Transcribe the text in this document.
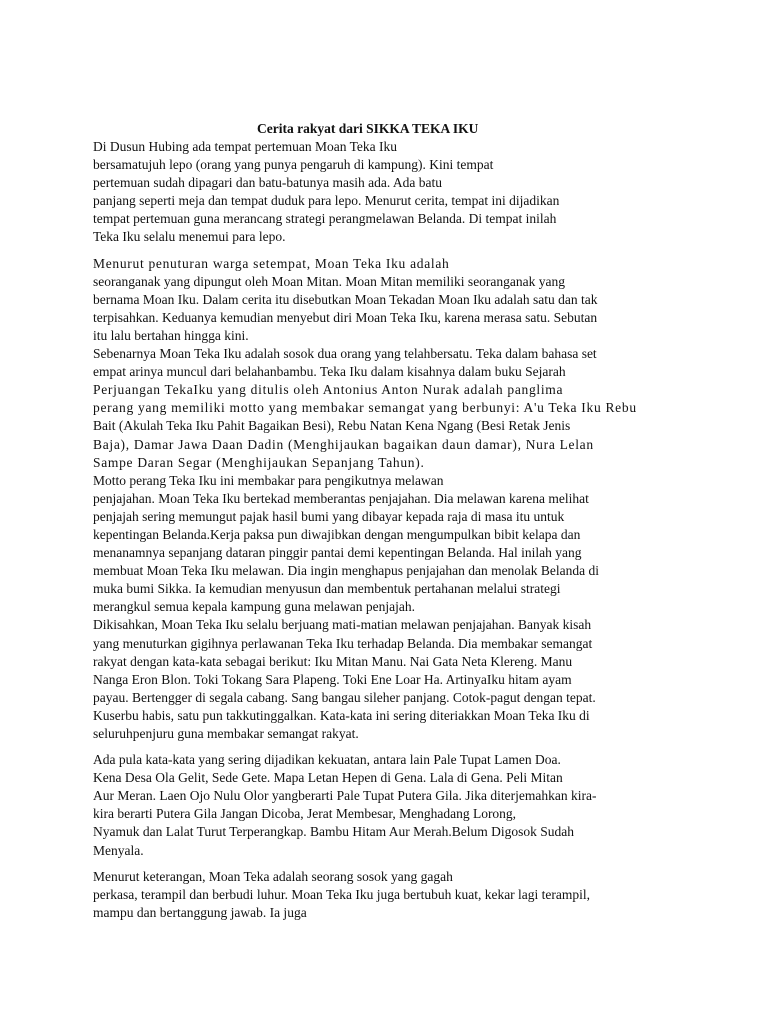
Cerita rakyat dari SIKKA TEKA IKU

Di Dusun Hubing ada tempat pertemuan Moan Teka Iku
bersamatujuh lepo (orang yang punya pengaruh di kampung). Kini tempat
pertemuan sudah dipagari dan batu-batunya masih ada. Ada batu
panjang seperti meja dan tempat duduk para lepo. Menurut cerita, tempat ini dijadikan
tempat pertemuan guna merancang strategi perangmelawan Belanda. Di tempat inilah
Teka Iku selalu menemui para lepo.

Menurut penuturan warga setempat, Moan Teka Iku adalah
seoranganak yang dipungut oleh Moan Mitan. Moan Mitan memiliki seoranganak yang
bernama Moan Iku. Dalam cerita itu disebutkan Moan Tekadan Moan Iku adalah satu dan tak
terpisahkan. Keduanya kemudian menyebut diri Moan Teka Iku, karena merasa satu. Sebutan
itu lalu bertahan hingga kini.
Sebenarnya Moan Teka Iku adalah sosok dua orang yang telahbersatu. Teka dalam bahasa set
empat arinya muncul dari belahanbambu. Teka Iku dalam kisahnya dalam buku Sejarah
Perjuangan TekaIku yang ditulis oleh Antonius Anton Nurak adalah panglima
perang yang memiliki motto yang membakar semangat yang berbunyi: A'u Teka Iku Rebu
Bait (Akulah Teka Iku Pahit Bagaikan Besi), Rebu Natan Kena Ngang (Besi Retak Jenis
Baja), Damar Jawa Daan Dadin (Menghijaukan bagaikan daun damar), Nura Lelan
Sampe Daran Segar (Menghijaukan Sepanjang Tahun).
Motto perang Teka Iku ini membakar para pengikutnya melawan
penjajahan. Moan Teka Iku bertekad memberantas penjajahan. Dia melawan karena melihat
penjajah sering memungut pajak hasil bumi yang dibayar kepada raja di masa itu untuk
kepentingan Belanda.Kerja paksa pun diwajibkan dengan mengumpulkan bibit kelapa dan
menanamnya sepanjang dataran pinggir pantai demi kepentingan Belanda. Hal inilah yang
membuat Moan Teka Iku melawan. Dia ingin menghapus penjajahan dan menolak Belanda di
muka bumi Sikka. Ia kemudian menyusun dan membentuk pertahanan melalui strategi
merangkul semua kepala kampung guna melawan penjajah.
Dikisahkan, Moan Teka Iku selalu berjuang mati-matian melawan penjajahan. Banyak kisah
yang menuturkan gigihnya perlawanan Teka Iku terhadap Belanda. Dia membakar semangat
rakyat dengan kata-kata sebagai berikut: Iku Mitan Manu. Nai Gata Neta Klereng. Manu
Nanga Eron Blon. Toki Tokang Sara Plapeng. Toki Ene Loar Ha. ArtinyaIku hitam ayam
payau. Bertengger di segala cabang. Sang bangau sileher panjang. Cotok-pagut dengan tepat.
Kuserbu habis, satu pun takkutinggalkan. Kata-kata ini sering diteriakkan Moan Teka Iku di
seluruhpenjuru guna membakar semangat rakyat.

Ada pula kata-kata yang sering dijadikan kekuatan, antara lain Pale Tupat Lamen Doa.
Kena Desa Ola Gelit, Sede Gete. Mapa Letan Hepen di Gena. Lala di Gena. Peli Mitan
Aur Meran. Laen Ojo Nulu Olor yangberarti Pale Tupat Putera Gila. Jika diterjemahkan kira-
kira berarti Putera Gila Jangan Dicoba, Jerat Membesar, Menghadang Lorong,
Nyamuk dan Lalat Turut Terperangkap. Bambu Hitam Aur Merah.Belum Digosok Sudah
Menyala.

Menurut keterangan, Moan Teka adalah seorang sosok yang gagah
perkasa, terampil dan berbudi luhur. Moan Teka Iku juga bertubuh kuat, kekar lagi terampil,
mampu dan bertanggung jawab. Ia juga
